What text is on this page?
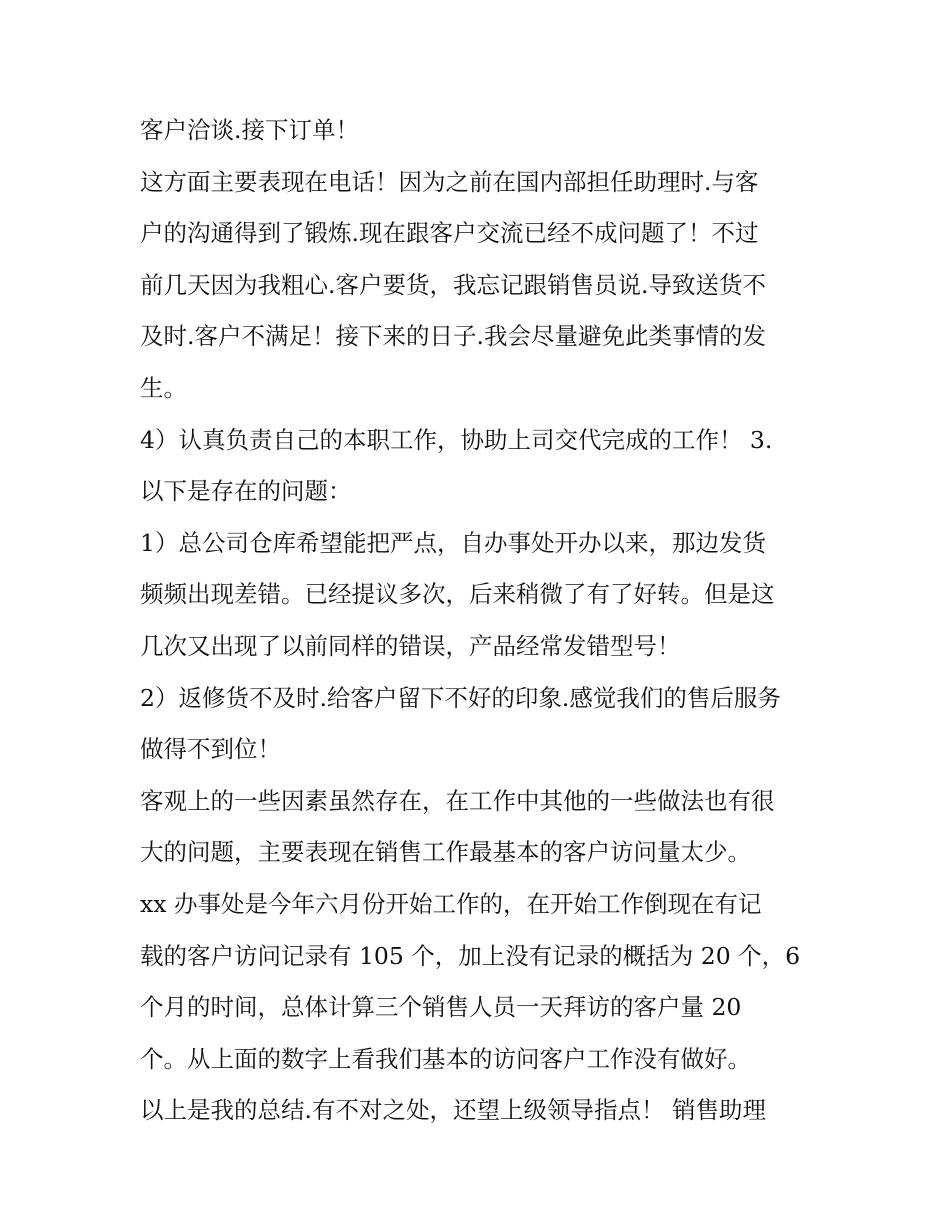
客户洽谈.接下订单！
这方面主要表现在电话！因为之前在国内部担任助理时.与客
户的沟通得到了锻炼.现在跟客户交流已经不成问题了！不过
前几天因为我粗心.客户要货，我忘记跟销售员说.导致送货不
及时.客户不满足！接下来的日子.我会尽量避免此类事情的发
生。
4）认真负责自己的本职工作，协助上司交代完成的工作！ 3.
以下是存在的问题：
1）总公司仓库希望能把严点，自办事处开办以来，那边发货
频频出现差错。已经提议多次，后来稍微了有了好转。但是这
几次又出现了以前同样的错误，产品经常发错型号！
2）返修货不及时.给客户留下不好的印象.感觉我们的售后服务
做得不到位！
客观上的一些因素虽然存在，在工作中其他的一些做法也有很
大的问题，主要表现在销售工作最基本的客户访问量太少。
xx 办事处是今年六月份开始工作的，在开始工作倒现在有记
载的客户访问记录有 105 个，加上没有记录的概括为 20 个，6
个月的时间，总体计算三个销售人员一天拜访的客户量 20
个。从上面的数字上看我们基本的访问客户工作没有做好。
以上是我的总结.有不对之处，还望上级领导指点！ 销售助理
